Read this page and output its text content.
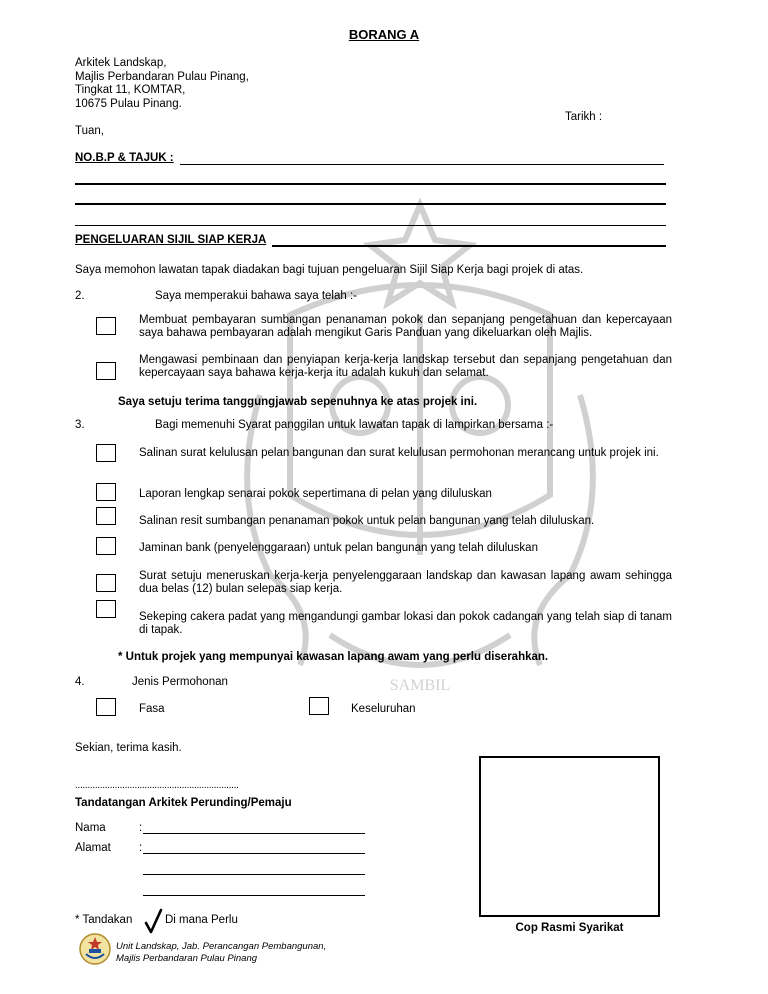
SAMBIL
BORANG A
Arkitek Landskap,
Majlis Perbandaran Pulau Pinang,
Tingkat 11, KOMTAR,
10675 Pulau Pinang.
Tarikh :
Tuan,
NO.B.P & TAJUK :
PENGELUARAN SIJIL SIAP KERJA
Saya memohon lawatan tapak diadakan bagi tujuan pengeluaran Sijil Siap Kerja bagi projek di atas.
2.	Saya memperakui bahawa saya telah :-
Membuat pembayaran sumbangan penanaman pokok dan sepanjang pengetahuan dan kepercayaan saya bahawa pembayaran adalah mengikut Garis Panduan yang dikeluarkan oleh Majlis.
Mengawasi pembinaan dan penyiapan kerja-kerja landskap tersebut dan sepanjang pengetahuan dan kepercayaan saya bahawa kerja-kerja itu adalah kukuh dan selamat.
Saya setuju terima tanggungjawab sepenuhnya ke atas projek ini.
3.	Bagi memenuhi Syarat panggilan untuk lawatan tapak di lampirkan bersama :-
Salinan surat kelulusan pelan bangunan dan surat kelulusan permohonan merancang untuk projek ini.
Laporan lengkap senarai pokok sepertimana di pelan yang diluluskan
Salinan resit sumbangan penanaman pokok untuk pelan bangunan yang telah diluluskan.
Jaminan bank (penyelenggaraan) untuk pelan bangunan yang telah diluluskan
Surat setuju meneruskan kerja-kerja penyelenggaraan landskap dan kawasan lapang awam sehingga dua belas (12) bulan selepas siap kerja.
Sekeping cakera padat yang mengandungi gambar lokasi dan pokok cadangan yang telah siap di tanam di tapak.
* Untuk projek yang mempunyai kawasan lapang awam yang perlu diserahkan.
4.	Jenis Permohonan
Fasa	Keseluruhan
Sekian, terima kasih.
..................................................................
Tandatangan Arkitek Perunding/Pemaju
Nama	:
Alamat :
Cop Rasmi Syarikat
* Tandakan	Di mana Perlu
Unit Landskap, Jab. Perancangan Pembangunan,
Majlis Perbandaran Pulau Pinang
